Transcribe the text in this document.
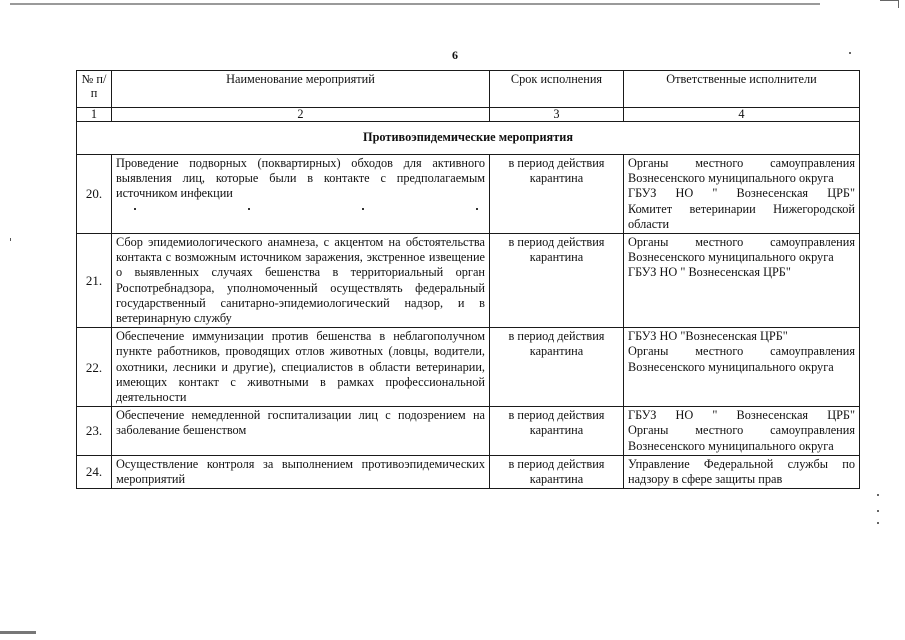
6
№ п/п	Наименование мероприятий	Срок исполнения	Ответственные исполнители
1	2	3	4
Противоэпидемические мероприятия			
20.	Проведение подворных (поквартирных) обходов для активного выявления лиц, которые были в контакте с предполагаемым источником инфекции	в период действия карантина	Органы местного самоуправления Вознесенского муниципального округа
ГБУЗ НО " Вознесенская ЦРБ"
Комитет ветеринарии Нижегородской области

21.	Сбор эпидемиологического анамнеза, с акцентом на обстоятельства контакта с возможным источником заражения, экстренное извещение о выявленных случаях бешенства в территориальный орган Роспотребнадзора, уполномоченный осуществлять федеральный государственный санитарно-эпидемиологический надзор, и в ветеринарную службу	в период действия карантина	Органы местного самоуправления Вознесенского муниципального округа
ГБУЗ НО " Вознесенская ЦРБ"

22.	Обеспечение иммунизации против бешенства в неблагополучном пункте работников, проводящих отлов животных (ловцы, водители, охотники, лесники и другие), специалистов в области ветеринарии, имеющих контакт с животными в рамках профессиональной деятельности	в период действия карантина	ГБУЗ НО "Вознесенская ЦРБ"
Органы местного самоуправления Вознесенского муниципального округа

23.	Обеспечение немедленной госпитализации лиц с подозрением на заболевание бешенством	в период действия карантина	ГБУЗ НО " Вознесенская ЦРБ"
Органы местного самоуправления Вознесенского муниципального округа

24.	Осуществление контроля за выполнением противоэпидемических мероприятий	в период действия карантина	Управление Федеральной службы по надзору в сфере защиты прав
